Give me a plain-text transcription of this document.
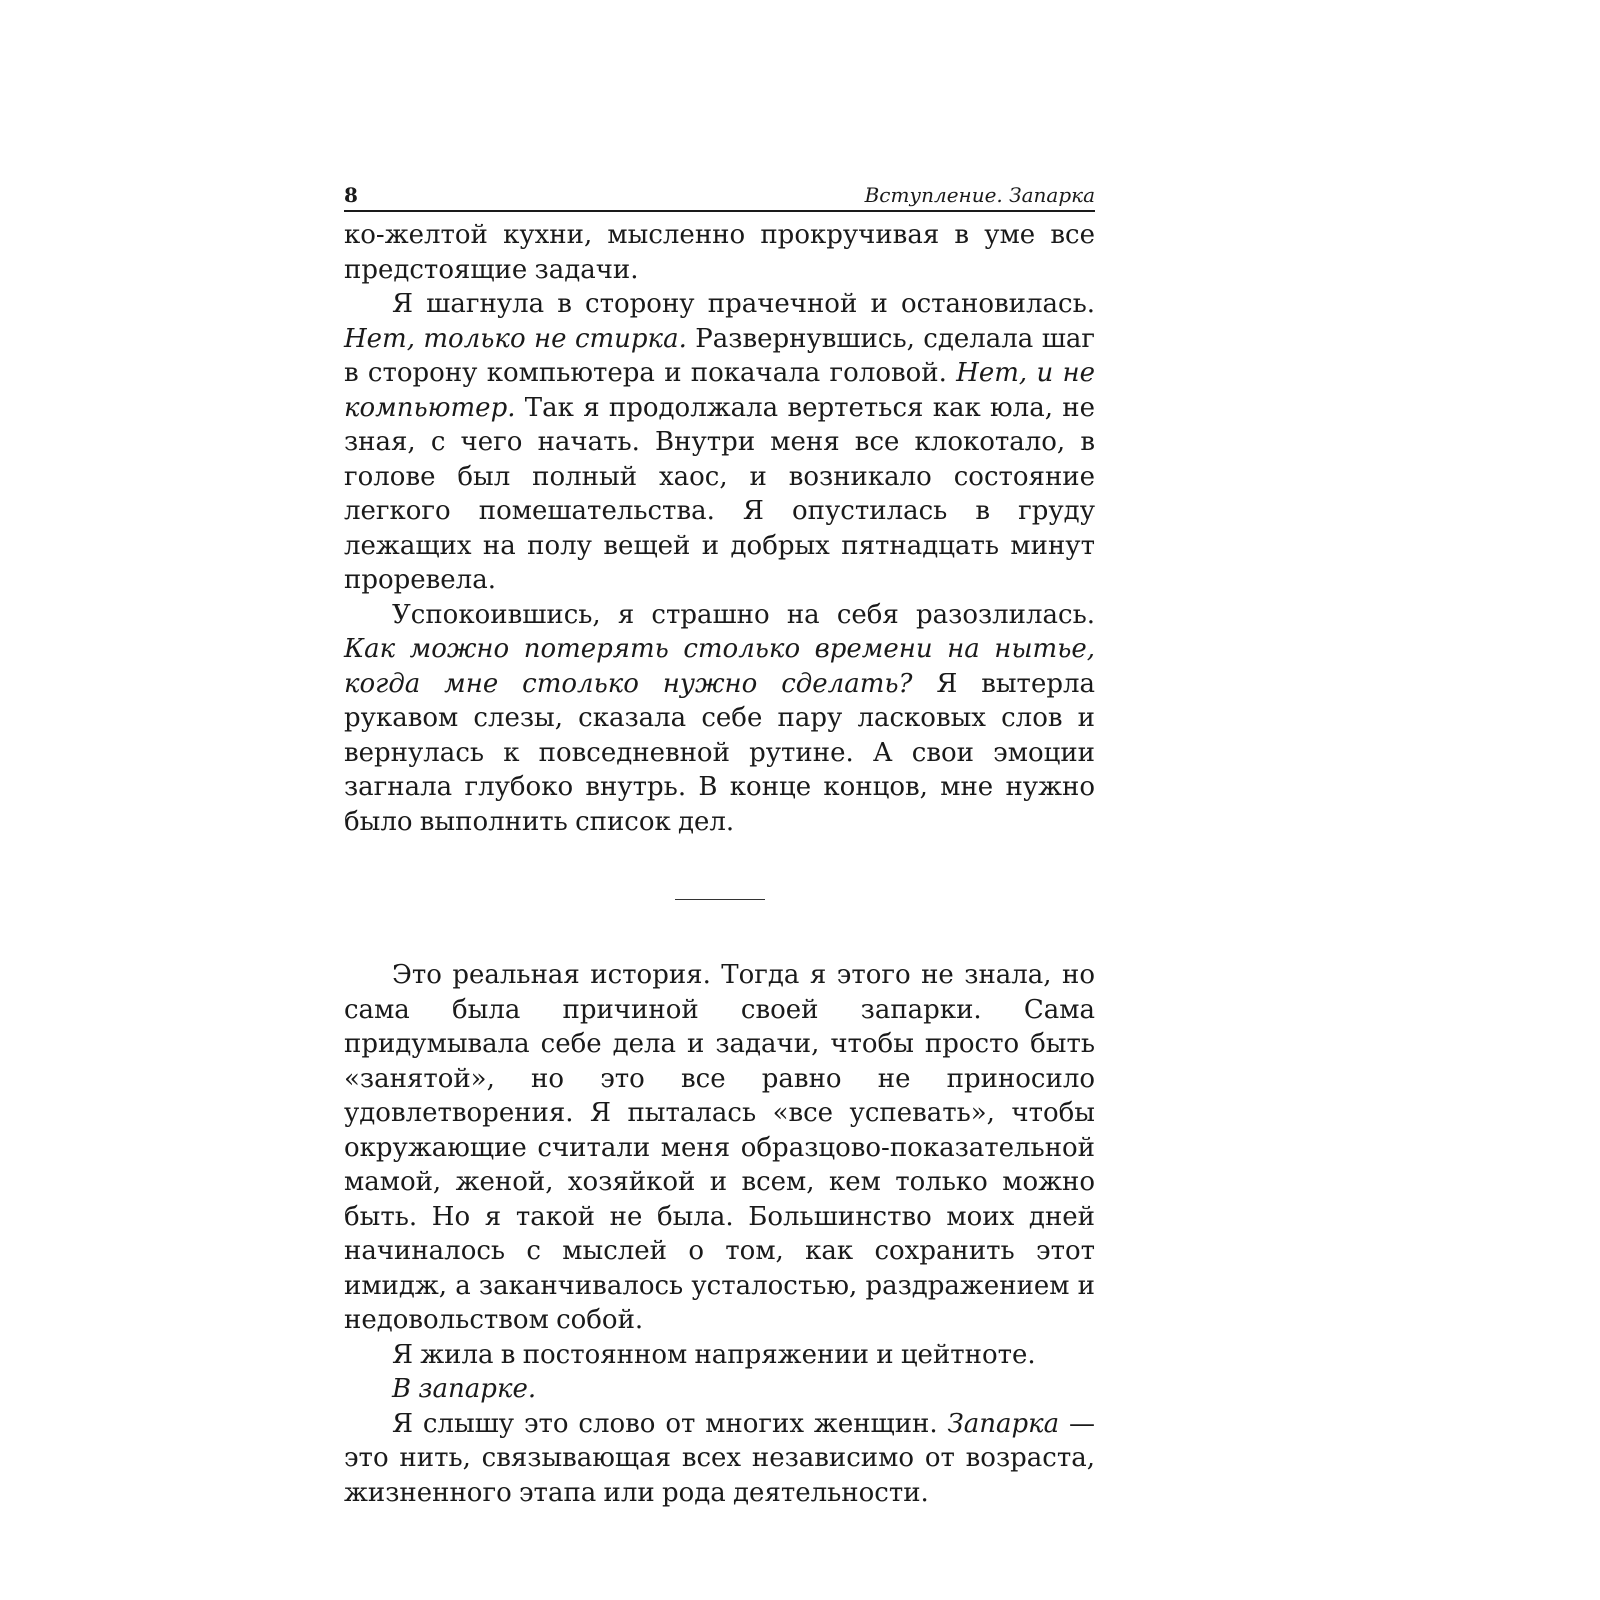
8	Вступление. Запарка

ко-желтой кухни, мысленно прокручивая в уме все предстоящие задачи.

Я шагнула в сторону прачечной и остановилась. Нет, только не стирка. Развернувшись, сделала шаг в сторону компьютера и покачала головой. Нет, и не компьютер. Так я продолжала вертеться как юла, не зная, с чего начать. Внутри меня все клокотало, в голове был полный хаос, и возникало состояние легкого помешательства. Я опустилась в груду лежащих на полу вещей и добрых пятнадцать минут проревела.

Успокоившись, я страшно на себя разозлилась. Как можно потерять столько времени на нытье, когда мне столько нужно сделать? Я вытерла рукавом слезы, сказала себе пару ласковых слов и вернулась к повседневной рутине. А свои эмоции загнала глубоко внутрь. В конце концов, мне нужно было выполнить список дел.

Это реальная история. Тогда я этого не знала, но сама была причиной своей запарки. Сама придумывала себе дела и задачи, чтобы просто быть «занятой», но это все равно не приносило удовлетворения. Я пыталась «все успевать», чтобы окружающие считали меня образцово-показательной мамой, женой, хозяйкой и всем, кем только можно быть. Но я такой не была. Большинство моих дней начиналось с мыслей о том, как сохранить этот имидж, а заканчивалось усталостью, раздражением и недовольством собой.

Я жила в постоянном напряжении и цейтноте.

В запарке.

Я слышу это слово от многих женщин. Запарка — это нить, связывающая всех независимо от возраста, жизненного этапа или рода деятельности.
